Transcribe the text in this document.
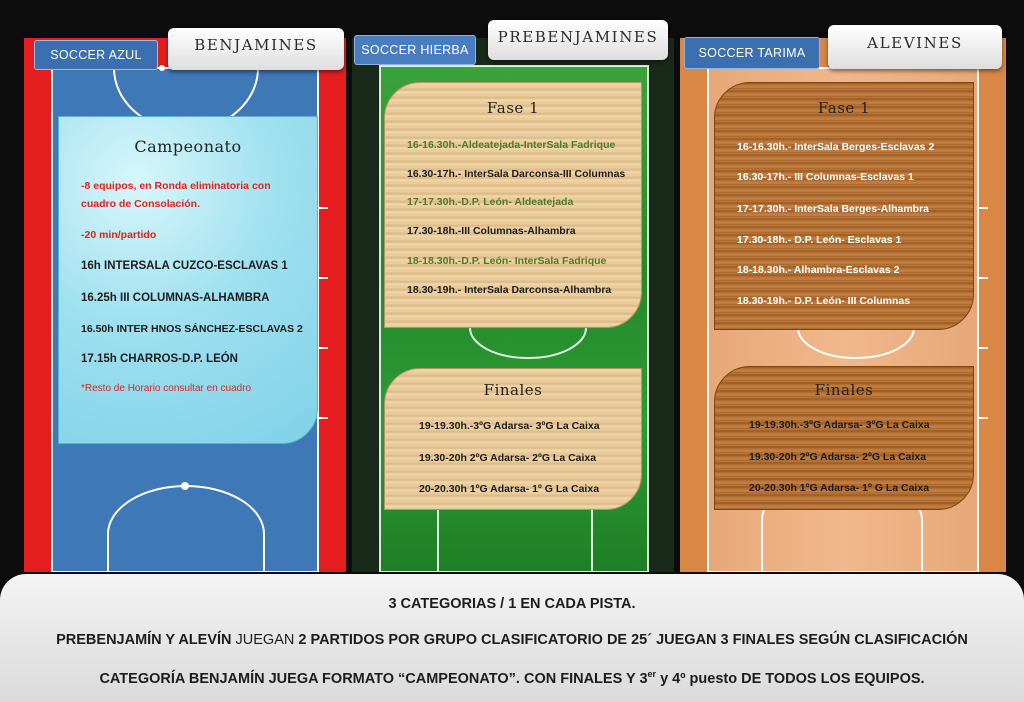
SOCCER AZUL	SOCCER HIERBA	SOCCER TARIMA
BENJAMINES	PREBENJAMINES	ALEVINES
Campeonato
-8 equipos, en Ronda eliminatoria con
cuadro de Consolación.
-20 min/partido
16h INTERSALA CUZCO-ESCLAVAS 1
16.25h III COLUMNAS-ALHAMBRA
16.50h INTER HNOS SÁNCHEZ-ESCLAVAS 2
17.15h CHARROS-D.P. LEÓN
*Resto de Horario consultar en cuadro
Fase 1
16-16.30h.-Aldeatejada-InterSala Fadrique
16.30-17h.- InterSala Darconsa-III Columnas
17-17.30h.-D.P. León- Aldeatejada
17.30-18h.-III Columnas-Alhambra
18-18.30h.-D.P. León- InterSala Fadrique
18.30-19h.- InterSala Darconsa-Alhambra
Finales
19-19.30h.-3ºG Adarsa- 3ºG La Caixa
19.30-20h 2ºG Adarsa- 2ºG La Caixa
20-20.30h 1ºG Adarsa- 1º G La Caixa
Fase 1
16-16.30h.- InterSala Berges-Esclavas 2
16.30-17h.- III Columnas-Esclavas 1
17-17.30h.- InterSala Berges-Alhambra
17.30-18h.- D.P. León- Esclavas 1
18-18.30h.- Alhambra-Esclavas 2
18.30-19h.- D.P. León- III Columnas
Finales
19-19.30h.-3ºG Adarsa- 3ºG La Caixa
19.30-20h 2ºG Adarsa- 2ºG La Caixa
20-20.30h 1ºG Adarsa- 1º G La Caixa
3 CATEGORIAS / 1 EN CADA PISTA.
PREBENJAMÍN Y ALEVÍN JUEGAN 2 PARTIDOS POR GRUPO CLASIFICATORIO DE 25´ JUEGAN 3 FINALES SEGÚN CLASIFICACIÓN
CATEGORÍA BENJAMÍN JUEGA FORMATO “CAMPEONATO”. CON FINALES Y 3er y 4º puesto DE TODOS LOS EQUIPOS.
